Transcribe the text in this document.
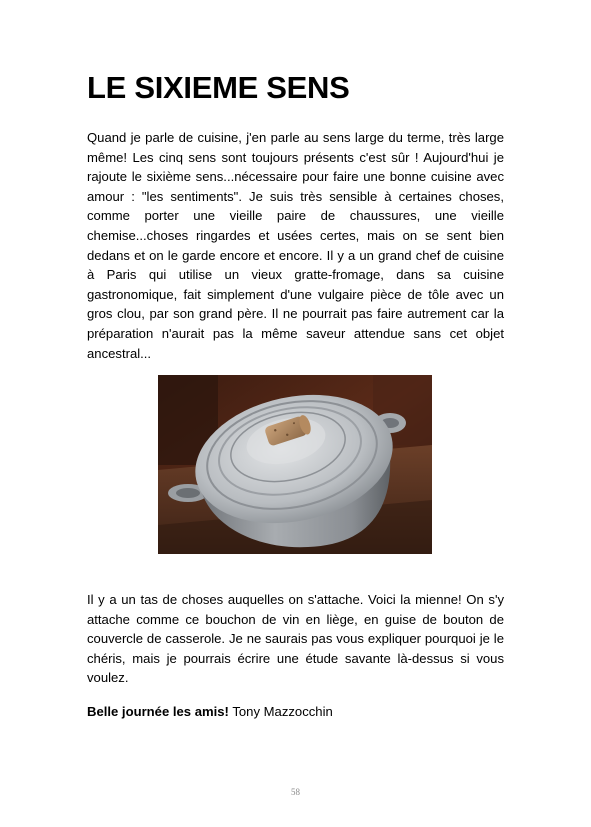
LE SIXIEME SENS

Quand je parle de cuisine, j'en parle au sens large du terme, très large même! Les cinq sens sont toujours présents c'est sûr ! Aujourd'hui je rajoute le sixième sens...nécessaire pour faire une bonne cuisine avec amour : "les sentiments". Je suis très sensible à certaines choses, comme porter une vieille paire de chaussures, une vieille chemise...choses ringardes et usées certes, mais on se sent bien dedans et on le garde encore et encore. Il y a un grand chef de cuisine à Paris qui utilise un vieux gratte-fromage, dans sa cuisine gastronomique, fait simplement d'une vulgaire pièce de tôle avec un gros clou, par son grand père. Il ne pourrait pas faire autrement car la préparation n'aurait pas la même saveur attendue sans cet objet ancestral...

Il y a un tas de choses auquelles on s'attache. Voici la mienne! On s'y attache comme ce bouchon de vin en liège, en guise de bouton de couvercle de casserole. Je ne saurais pas vous expliquer pourquoi je le chéris, mais je pourrais écrire une étude savante là-dessus si vous voulez.

Belle journée les amis! Tony Mazzocchin

58
